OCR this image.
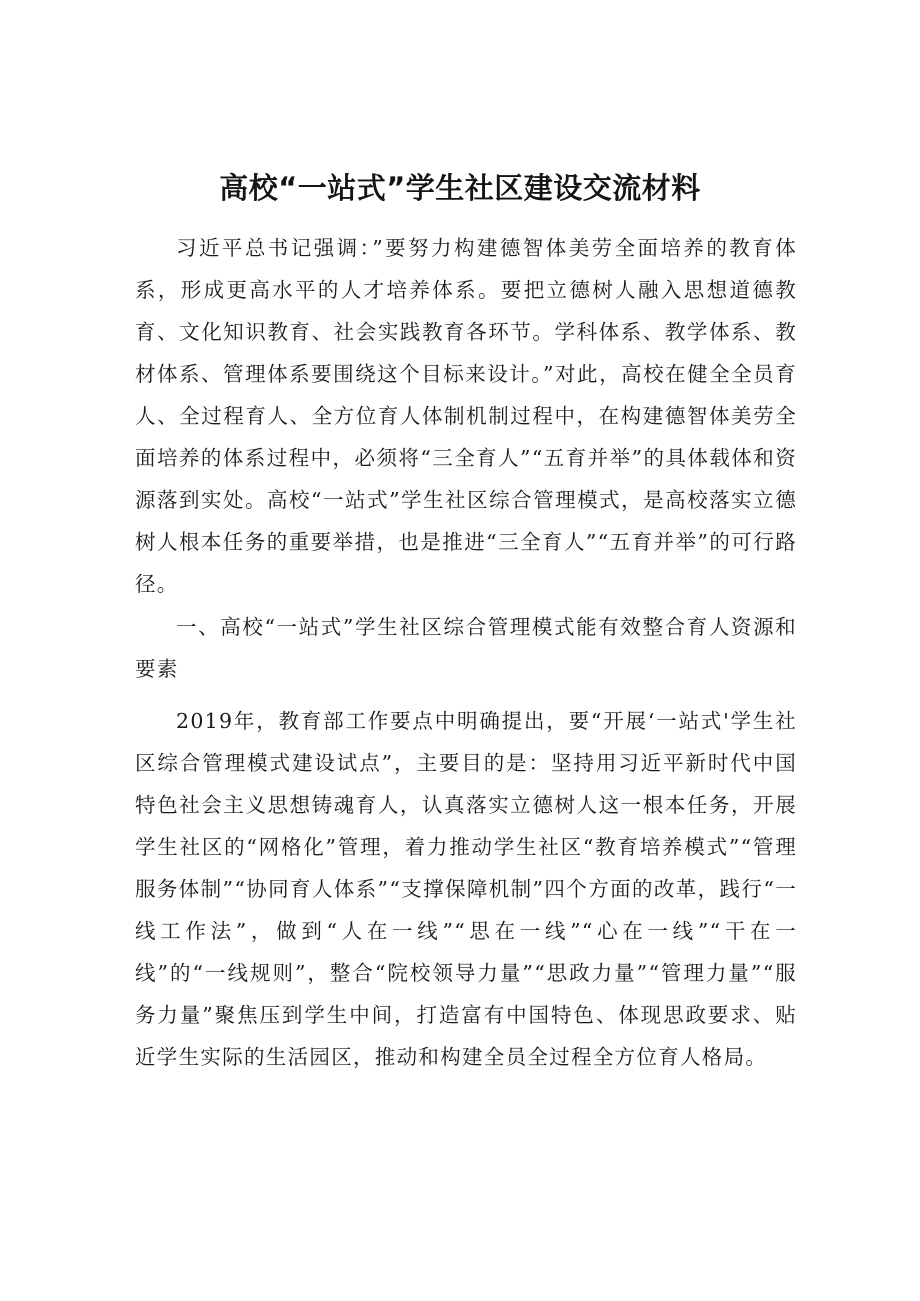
高校“一站式”学生社区建设交流材料

习近平总书记强调：”要努力构建德智体美劳全面培养的教育体系，形成更高水平的人才培养体系。要把立德树人融入思想道德教育、文化知识教育、社会实践教育各环节。学科体系、教学体系、教材体系、管理体系要围绕这个目标来设计。”对此，高校在健全全员育人、全过程育人、全方位育人体制机制过程中，在构建德智体美劳全面培养的体系过程中，必须将“三全育人”“五育并举”的具体载体和资源落到实处。高校“一站式”学生社区综合管理模式，是高校落实立德树人根本任务的重要举措，也是推进“三全育人”“五育并举”的可行路径。

一、高校“一站式”学生社区综合管理模式能有效整合育人资源和要素

2019年，教育部工作要点中明确提出，要“开展‘一站式'学生社区综合管理模式建设试点”，主要目的是：坚持用习近平新时代中国特色社会主义思想铸魂育人，认真落实立德树人这一根本任务，开展学生社区的“网格化”管理，着力推动学生社区“教育培养模式”“管理服务体制”“协同育人体系”“支撑保障机制”四个方面的改革，践行“一线工作法”，做到“人在一线”“思在一线”“心在一线”“干在一线”的“一线规则”，整合“院校领导力量”“思政力量”“管理力量”“服务力量”聚焦压到学生中间，打造富有中国特色、体现思政要求、贴近学生实际的生活园区，推动和构建全员全过程全方位育人格局。
